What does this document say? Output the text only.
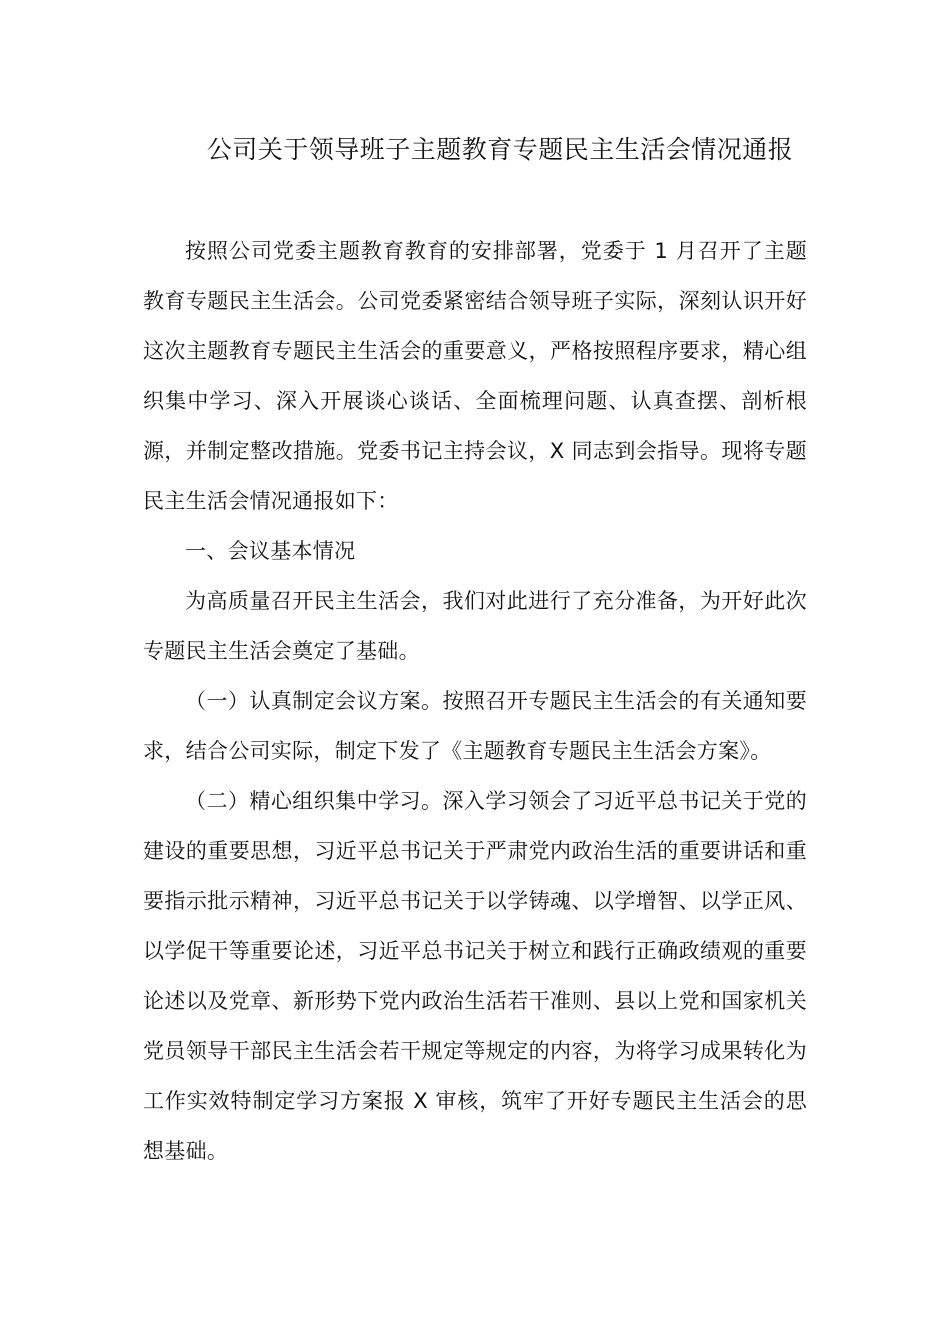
公司关于领导班子主题教育专题民主生活会情况通报

按照公司党委主题教育教育的安排部署，党委于 1 月召开了主题教育专题民主生活会。公司党委紧密结合领导班子实际，深刻认识开好这次主题教育专题民主生活会的重要意义，严格按照程序要求，精心组织集中学习、深入开展谈心谈话、全面梳理问题、认真查摆、剖析根源，并制定整改措施。党委书记主持会议，X 同志到会指导。现将专题民主生活会情况通报如下：

一、会议基本情况

为高质量召开民主生活会，我们对此进行了充分准备，为开好此次专题民主生活会奠定了基础。

（一）认真制定会议方案。按照召开专题民主生活会的有关通知要求，结合公司实际，制定下发了《主题教育专题民主生活会方案》。

（二）精心组织集中学习。深入学习领会了习近平总书记关于党的建设的重要思想，习近平总书记关于严肃党内政治生活的重要讲话和重要指示批示精神，习近平总书记关于以学铸魂、以学增智、以学正风、以学促干等重要论述，习近平总书记关于树立和践行正确政绩观的重要论述以及党章、新形势下党内政治生活若干准则、县以上党和国家机关党员领导干部民主生活会若干规定等规定的内容，为将学习成果转化为工作实效特制定学习方案报 X 审核，筑牢了开好专题民主生活会的思想基础。
